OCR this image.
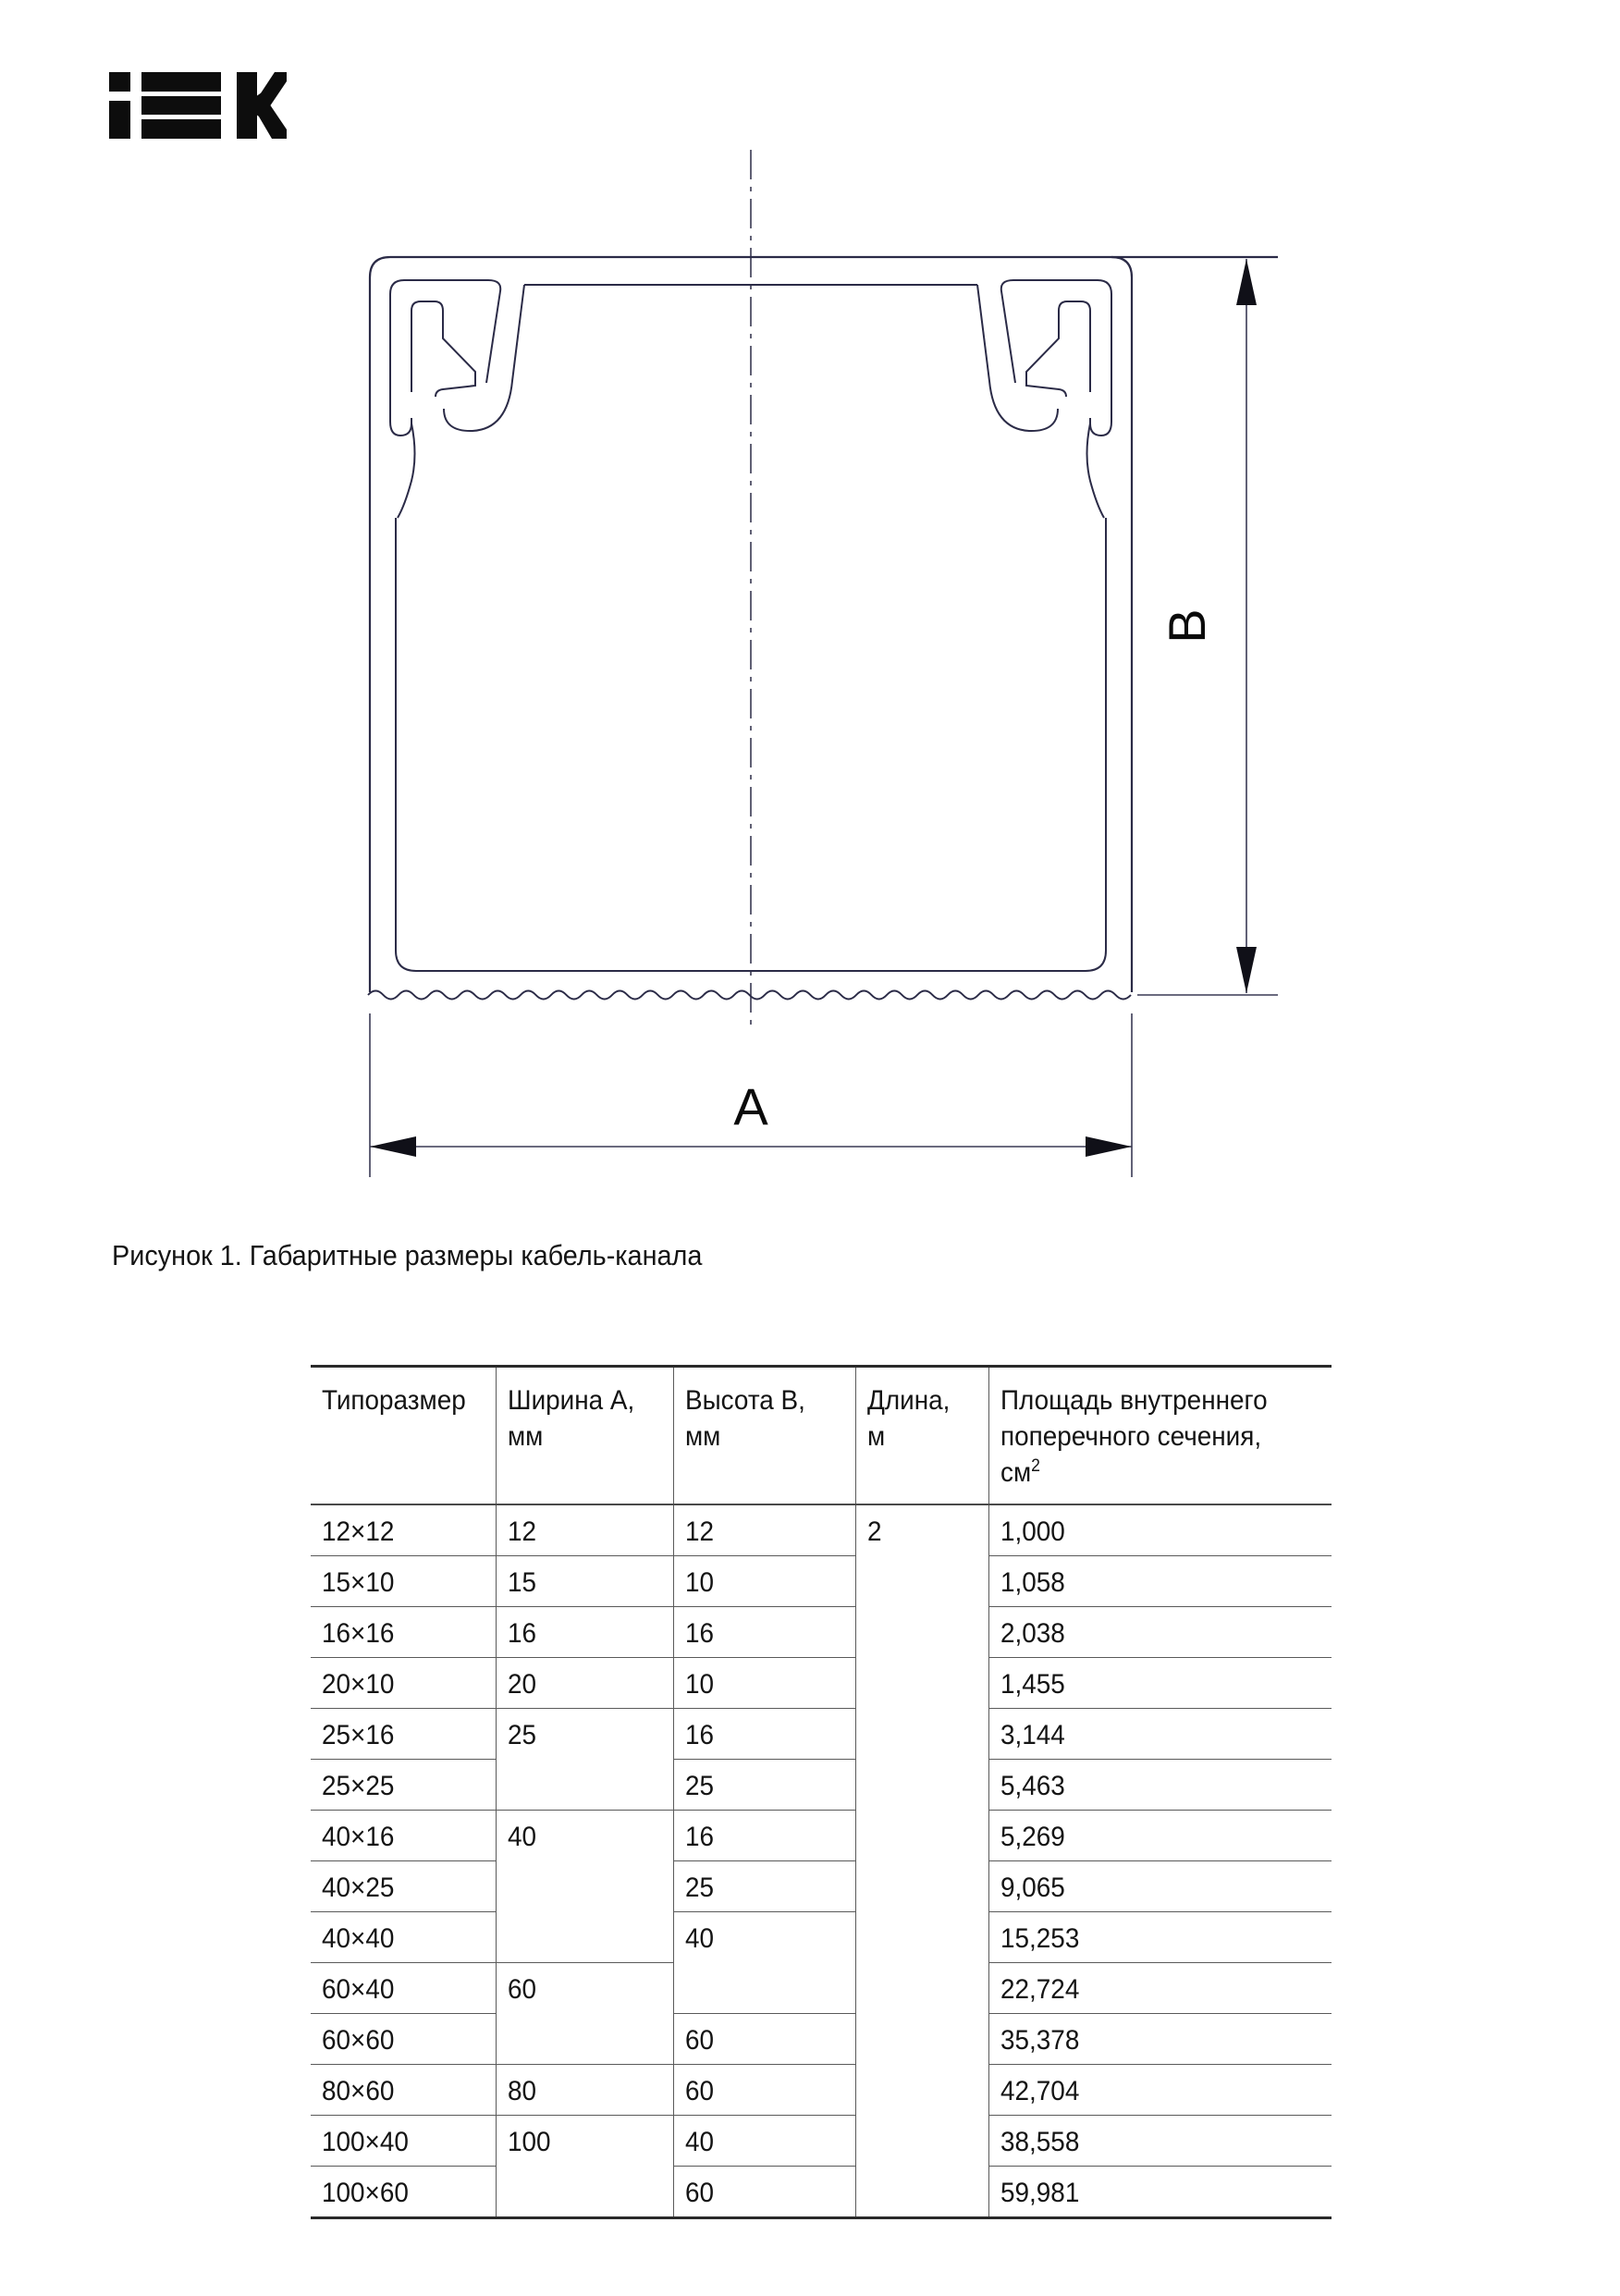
B
A
Рисунок 1. Габаритные размеры кабель-канала
Типоразмер	Ширина А, мм	Высота В, мм	Длина, м	Площадь внутреннего поперечного сечения, $см^2$
12×12	12	12	2	1,000
15×10	15	10		1,058
16×16	16	16		2,038
20×10	20	10		1,455
25×16	25	16		3,144
25×25		25		5,463
40×16	40	16		5,269
40×25		25		9,065
40×40		40		15,253
60×40	60			22,724
60×60		60		35,378
80×60	80	60		42,704
100×40	100	40		38,558
100×60		60		59,981
